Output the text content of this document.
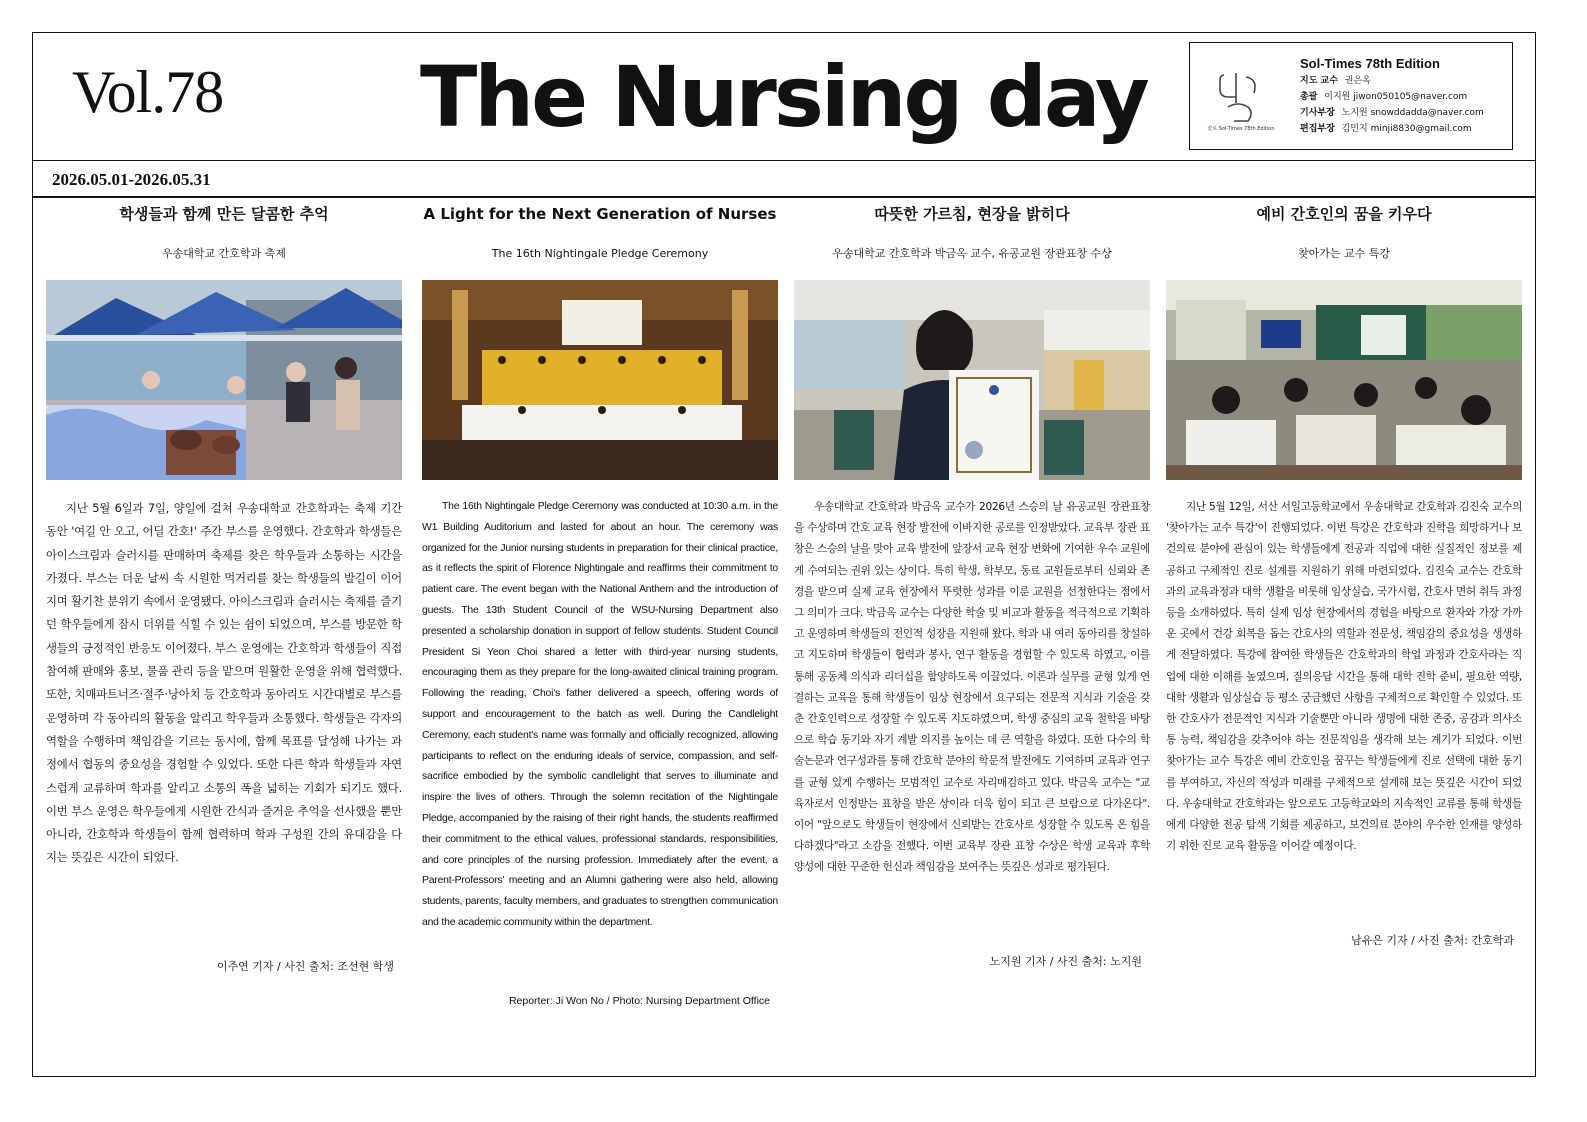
Vol.78 The Nursing day	슬로 Sol-Times 78th Edition
Sol-Times 78th Edition
지도 교수 권은옥
총괄 이지원 jiwon050105@naver.com
기사부장 노지원 snowddadda@naver.com
편집부장 김민지 minji8830@gmail.com
2026.05.01-2026.05.31
학생들과 함께 만든 달콤한 추억
우송대학교 간호학과 축제

지난 5월 6일과 7일, 양일에 걸쳐 우송대학교 간호학과는 축제 기간 동안 '여길 안 오고, 어딜 간호!' 주간 부스를 운영했다. 간호학과 학생들은 아이스크림과 슬러시를 판매하며 축제를 찾은 학우들과 소통하는 시간을 가졌다. 부스는 더운 날씨 속 시원한 먹거리를 찾는 학생들의 발길이 이어지며 활기찬 분위기 속에서 운영됐다. 아이스크림과 슬러시는 축제를 즐기던 학우들에게 잠시 더위를 식힐 수 있는 쉼이 되었으며, 부스를 방문한 학생들의 긍정적인 반응도 이어졌다. 부스 운영에는 간호학과 학생들이 직접 참여해 판매와 홍보, 물품 관리 등을 맡으며 원활한 운영을 위해 협력했다. 또한, 치매파트너즈·절주·낭아치 등 간호학과 동아리도 시간대별로 부스를 운영하며 각 동아리의 활동을 알리고 학우들과 소통했다. 학생들은 각자의 역할을 수행하며 책임감을 기르는 동시에, 함께 목표를 달성해 나가는 과정에서 협동의 중요성을 경험할 수 있었다. 또한 다른 학과 학생들과 자연스럽게 교류하며 학과를 알리고 소통의 폭을 넓히는 기회가 되기도 했다. 이번 부스 운영은 학우들에게 시원한 간식과 즐거운 추억을 선사했을 뿐만 아니라, 간호학과 학생들이 함께 협력하며 학과 구성원 간의 유대감을 다지는 뜻깊은 시간이 되었다.

이주연 기자 / 사진 출처: 조선현 학생
A Light for the Next Generation of Nurses
The 16th Nightingale Pledge Ceremony

The 16th Nightingale Pledge Ceremony was conducted at 10:30 a.m. in the W1 Building Auditorium and lasted for about an hour. The ceremony was organized for the Junior nursing students in preparation for their clinical practice, as it reflects the spirit of Florence Nightingale and reaffirms their commitment to patient care. The event began with the National Anthem and the introduction of guests. The 13th Student Council of the WSU-Nursing Department also presented a scholarship donation in support of fellow students. Student Council President Si Yeon Choi shared a letter with third-year nursing students, encouraging them as they prepare for the long-awaited clinical training program. Following the reading, Choi's father delivered a speech, offering words of support and encouragement to the batch as well. During the Candlelight Ceremony, each student's name was formally and officially recognized, allowing participants to reflect on the enduring ideals of service, compassion, and self-sacrifice embodied by the symbolic candlelight that serves to illuminate and inspire the lives of others. Through the solemn recitation of the Nightingale Pledge, accompanied by the raising of their right hands, the students reaffirmed their commitment to the ethical values, professional standards, responsibilities, and core principles of the nursing profession. Immediately after the event, a Parent-Professors' meeting and an Alumni gathering were also held, allowing students, parents, faculty members, and graduates to strengthen communication and the academic community within the department.

Reporter: Ji Won No / Photo: Nursing Department Office
따뜻한 가르침, 현장을 밝히다
우송대학교 간호학과 박금옥 교수, 유공교원 장관표창 수상

우송대학교 간호학과 박금옥 교수가 2026년 스승의 날 유공교원 장관표창을 수상하며 간호 교육 현장 발전에 이바지한 공로를 인정받았다. 교육부 장관 표창은 스승의 날을 맞아 교육 발전에 앞장서 교육 현장 변화에 기여한 우수 교원에게 수여되는 권위 있는 상이다. 특히 학생, 학부모, 동료 교원들로부터 신뢰와 존경을 받으며 실제 교육 현장에서 뚜렷한 성과를 이룬 교원을 선정한다는 점에서 그 의미가 크다. 박금옥 교수는 다양한 학술 및 비교과 활동을 적극적으로 기획하고 운영하며 학생들의 전인적 성장을 지원해 왔다. 학과 내 여러 동아리를 창설하고 지도하며 학생들이 협력과 봉사, 연구 활동을 경험할 수 있도록 하였고, 이를 통해 공동체 의식과 리더십을 함양하도록 이끌었다. 이론과 실무를 균형 있게 연결하는 교육을 통해 학생들이 임상 현장에서 요구되는 전문적 지식과 기술을 갖춘 간호인력으로 성장할 수 있도록 지도하였으며, 학생 중심의 교육 철학을 바탕으로 학습 동기와 자기 계발 의지를 높이는 데 큰 역할을 하였다. 또한 다수의 학술논문과 연구성과를 통해 간호학 분야의 학문적 발전에도 기여하며 교육과 연구를 균형 있게 수행하는 모범적인 교수로 자리매김하고 있다. 박금옥 교수는 "교육자로서 인정받는 표창을 받은 상이라 더욱 힘이 되고 큰 보람으로 다가온다". 이어 "앞으로도 학생들이 현장에서 신뢰받는 간호사로 성장할 수 있도록 온 힘을 다하겠다"라고 소감을 전했다. 이번 교육부 장관 표창 수상은 학생 교육과 후학 양성에 대한 꾸준한 헌신과 책임감을 보여주는 뜻깊은 성과로 평가된다.

노지원 기자 / 사진 출처: 노지원
예비 간호인의 꿈을 키우다
찾아가는 교수 특강

지난 5월 12일, 서산 서일고등학교에서 우송대학교 간호학과 김진숙 교수의 '찾아가는 교수 특강'이 진행되었다. 이번 특강은 간호학과 진학을 희망하거나 보건의료 분야에 관심이 있는 학생들에게 전공과 직업에 대한 실질적인 정보를 제공하고 구체적인 진로 설계를 지원하기 위해 마련되었다. 김진숙 교수는 간호학과의 교육과정과 대학 생활을 비롯해 임상실습, 국가시험, 간호사 면허 취득 과정 등을 소개하였다. 특히 실제 임상 현장에서의 경험을 바탕으로 환자와 가장 가까운 곳에서 건강 회복을 돕는 간호사의 역할과 전문성, 책임감의 중요성을 생생하게 전달하였다. 특강에 참여한 학생들은 간호학과의 학업 과정과 간호사라는 직업에 대한 이해를 높였으며, 질의응답 시간을 통해 대학 진학 준비, 필요한 역량, 대학 생활과 임상실습 등 평소 궁금했던 사항을 구체적으로 확인할 수 있었다. 또한 간호사가 전문적인 지식과 기술뿐만 아니라 생명에 대한 존중, 공감과 의사소통 능력, 책임감을 갖추어야 하는 전문직임을 생각해 보는 계기가 되었다. 이번 찾아가는 교수 특강은 예비 간호인을 꿈꾸는 학생들에게 진로 선택에 대한 동기를 부여하고, 자신의 적성과 미래를 구체적으로 설계해 보는 뜻깊은 시간이 되었다. 우송대학교 간호학과는 앞으로도 고등학교와의 지속적인 교류를 통해 학생들에게 다양한 전공 탐색 기회를 제공하고, 보건의료 분야의 우수한 인재를 양성하기 위한 진로 교육 활동을 이어갈 예정이다.

남유은 기자 / 사진 출처: 간호학과
